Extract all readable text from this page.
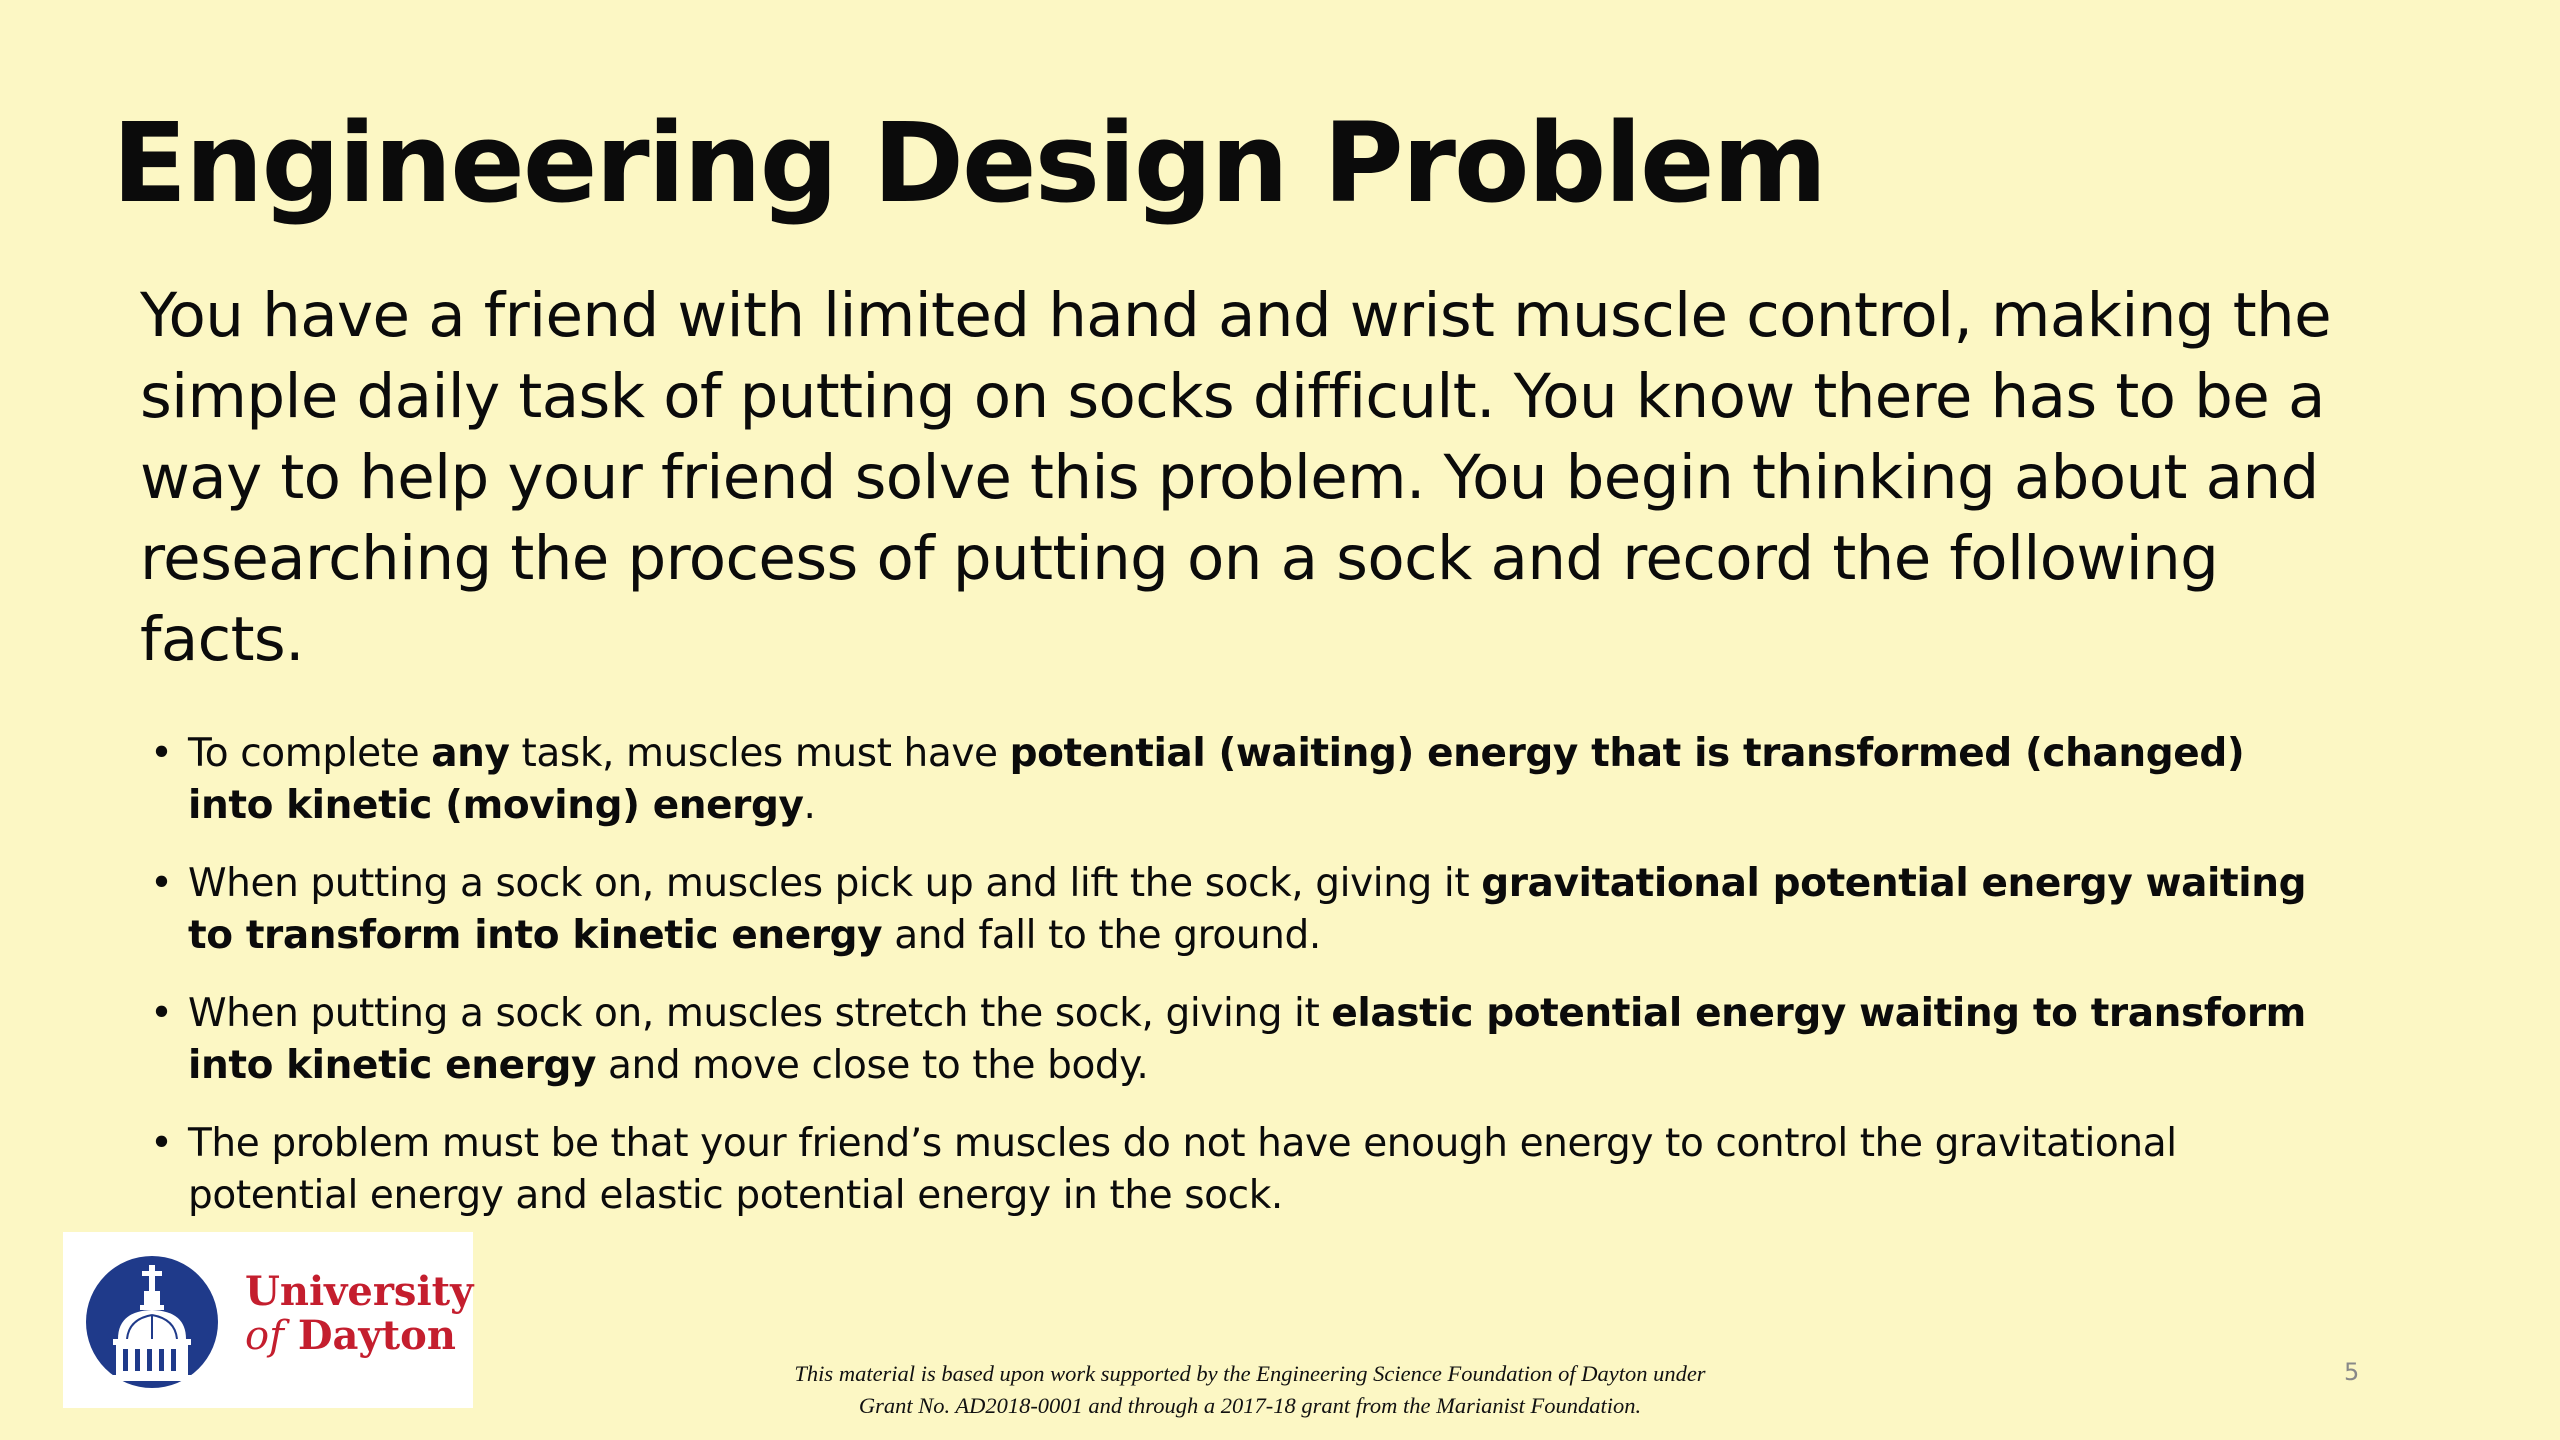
Engineering Design Problem

You have a friend with limited hand and wrist muscle control, making the simple daily task of putting on socks difficult. You know there has to be a way to help your friend solve this problem. You begin thinking about and researching the process of putting on a sock and record the following facts.

• To complete any task, muscles must have potential (waiting) energy that is transformed (changed) into kinetic (moving) energy.
• When putting a sock on, muscles pick up and lift the sock, giving it gravitational potential energy waiting to transform into kinetic energy and fall to the ground.
• When putting a sock on, muscles stretch the sock, giving it elastic potential energy waiting to transform into kinetic energy and move close to the body.
• The problem must be that your friend’s muscles do not have enough energy to control the gravitational potential energy and elastic potential energy in the sock.
University
of Dayton
This material is based upon work supported by the Engineering Science Foundation of Dayton under
Grant No. AD2018-0001 and through a 2017-18 grant from the Marianist Foundation.
5
